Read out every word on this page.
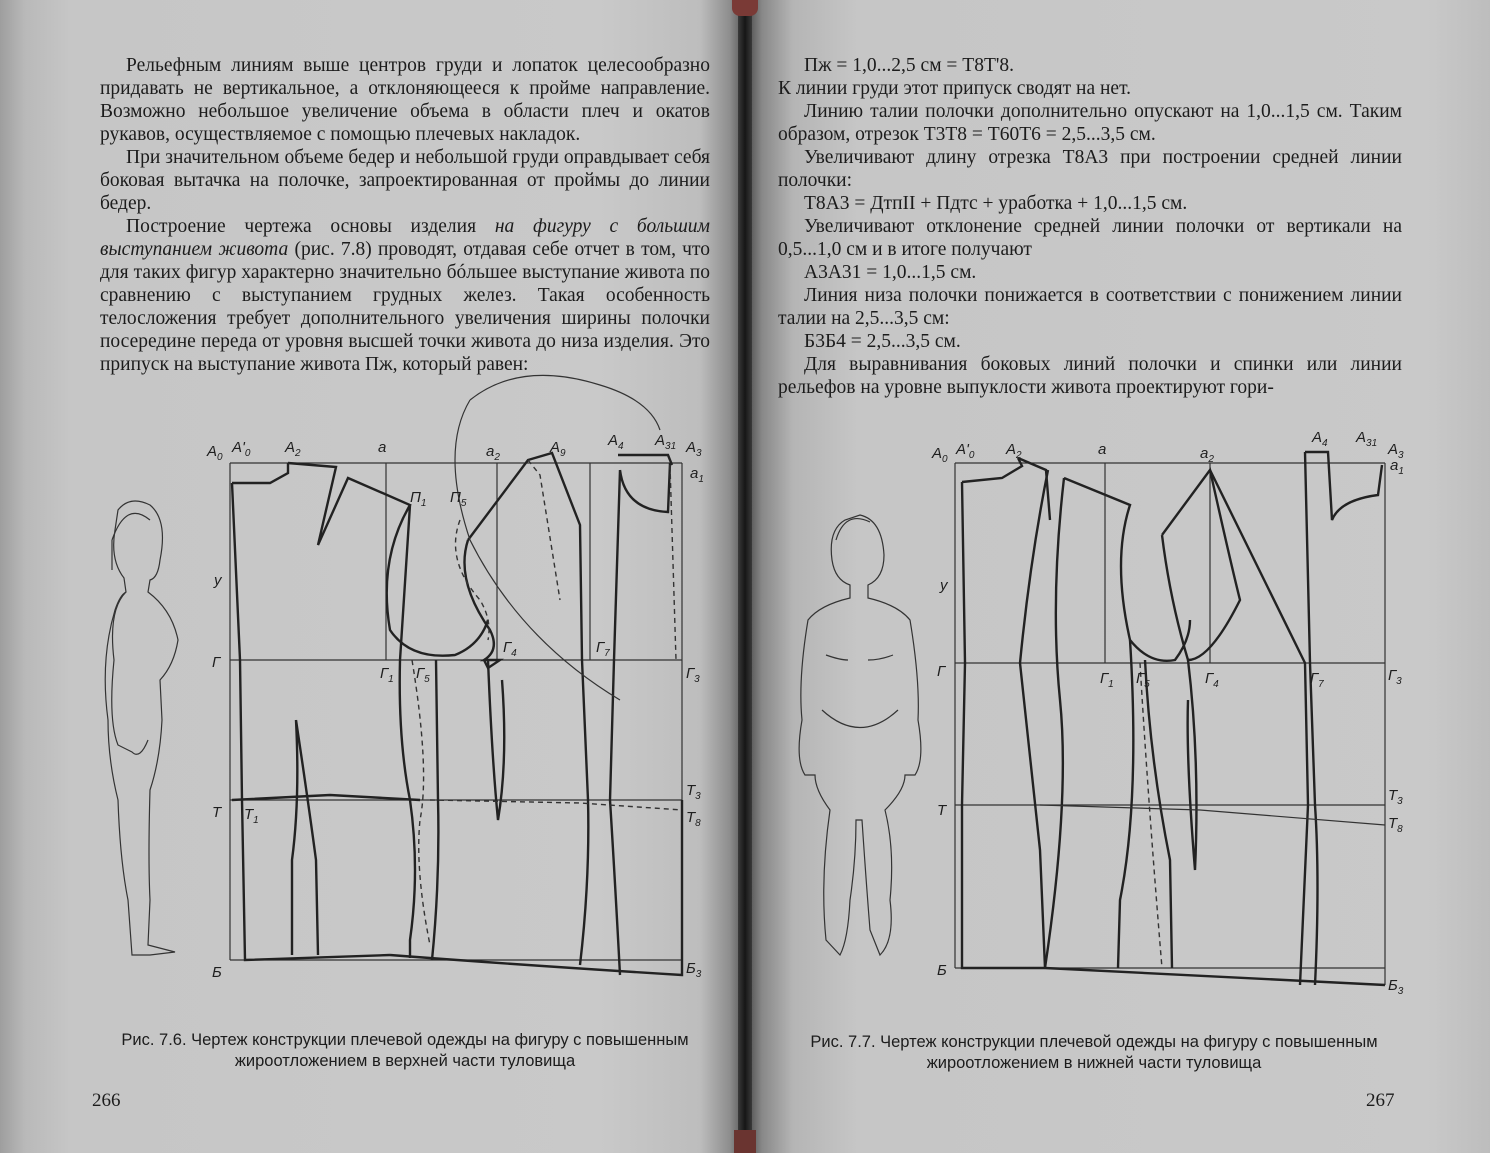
Рельефным линиям выше центров груди и лопаток целесообразно придавать не вертикальное, а отклоняющееся к пройме направление. Возможно небольшое увеличение объема в области плеч и окатов рукавов, осуществляемое с помощью плечевых накладок.

При значительном объеме бедер и небольшой груди оправдывает себя боковая вытачка на полочке, запроектированная от проймы до линии бедер.

Построение чертежа основы изделия на фигуру с большим выступанием живота (рис. 7.8) проводят, отдавая себе отчет в том, что для таких фигур характерно значительно бóльшее выступание живота по сравнению с выступанием грудных желез. Такая особенность телосложения требует дополнительного увеличения ширины полочки посередине переда от уровня высшей точки живота до низа изделия. Это припуск на выступание живота Пж, который равен:

$А_0$
$А'_0$ $А_2$	а	$а_2$
$А_9$
$А_4$ $А_{31}$ $А_3$
$а_1$
$П_1$ $П_5$
$Г_4$	$Г_7$
$Г_1$ $Г_5$
у
Г
Т $Т_1$
Б
$Г_3$
$Т_3$
$Т_8$
$Б_3$
Рис. 7.6. Чертеж конструкции плечевой одежды на фигуру с повышенным жироотложением в верхней части туловища
266

Пж = 1,0...2,5 см = Т8Т'8.

К линии груди этот припуск сводят на нет.

Линию талии полочки дополнительно опускают на 1,0...1,5 см. Таким образом, отрезок Т3Т8 = Т60Т6 = 2,5...3,5 см.

Увеличивают длину отрезка Т8А3 при построении средней линии полочки:

Т8А3 = ДтпII + Пдтс + уработка + 1,0...1,5 см.

Увеличивают отклонение средней линии полочки от вертикали на 0,5...1,0 см и в итоге получают

А3А31 = 1,0...1,5 см.

Линия низа полочки понижается в соответствии с понижением линии талии на 2,5...3,5 см:

Б3Б4 = 2,5...3,5 см.

Для выравнивания боковых линий полочки и спинки или линии рельефов на уровне выпуклости живота проектируют гори-

$А_0$
$А'_0$ $А_2$	а	$а_2$
$А_4$ $А_{31}$ $А_3$
$а_1$
у
Г
Т
Б
$Г_1$ $Г_5$	$Г_4$	$Г_7$
$Г_3$
$Т_3$
$Т_8$
$Б_3$
Рис. 7.7. Чертеж конструкции плечевой одежды на фигуру с повышенным жироотложением в нижней части туловища
267
